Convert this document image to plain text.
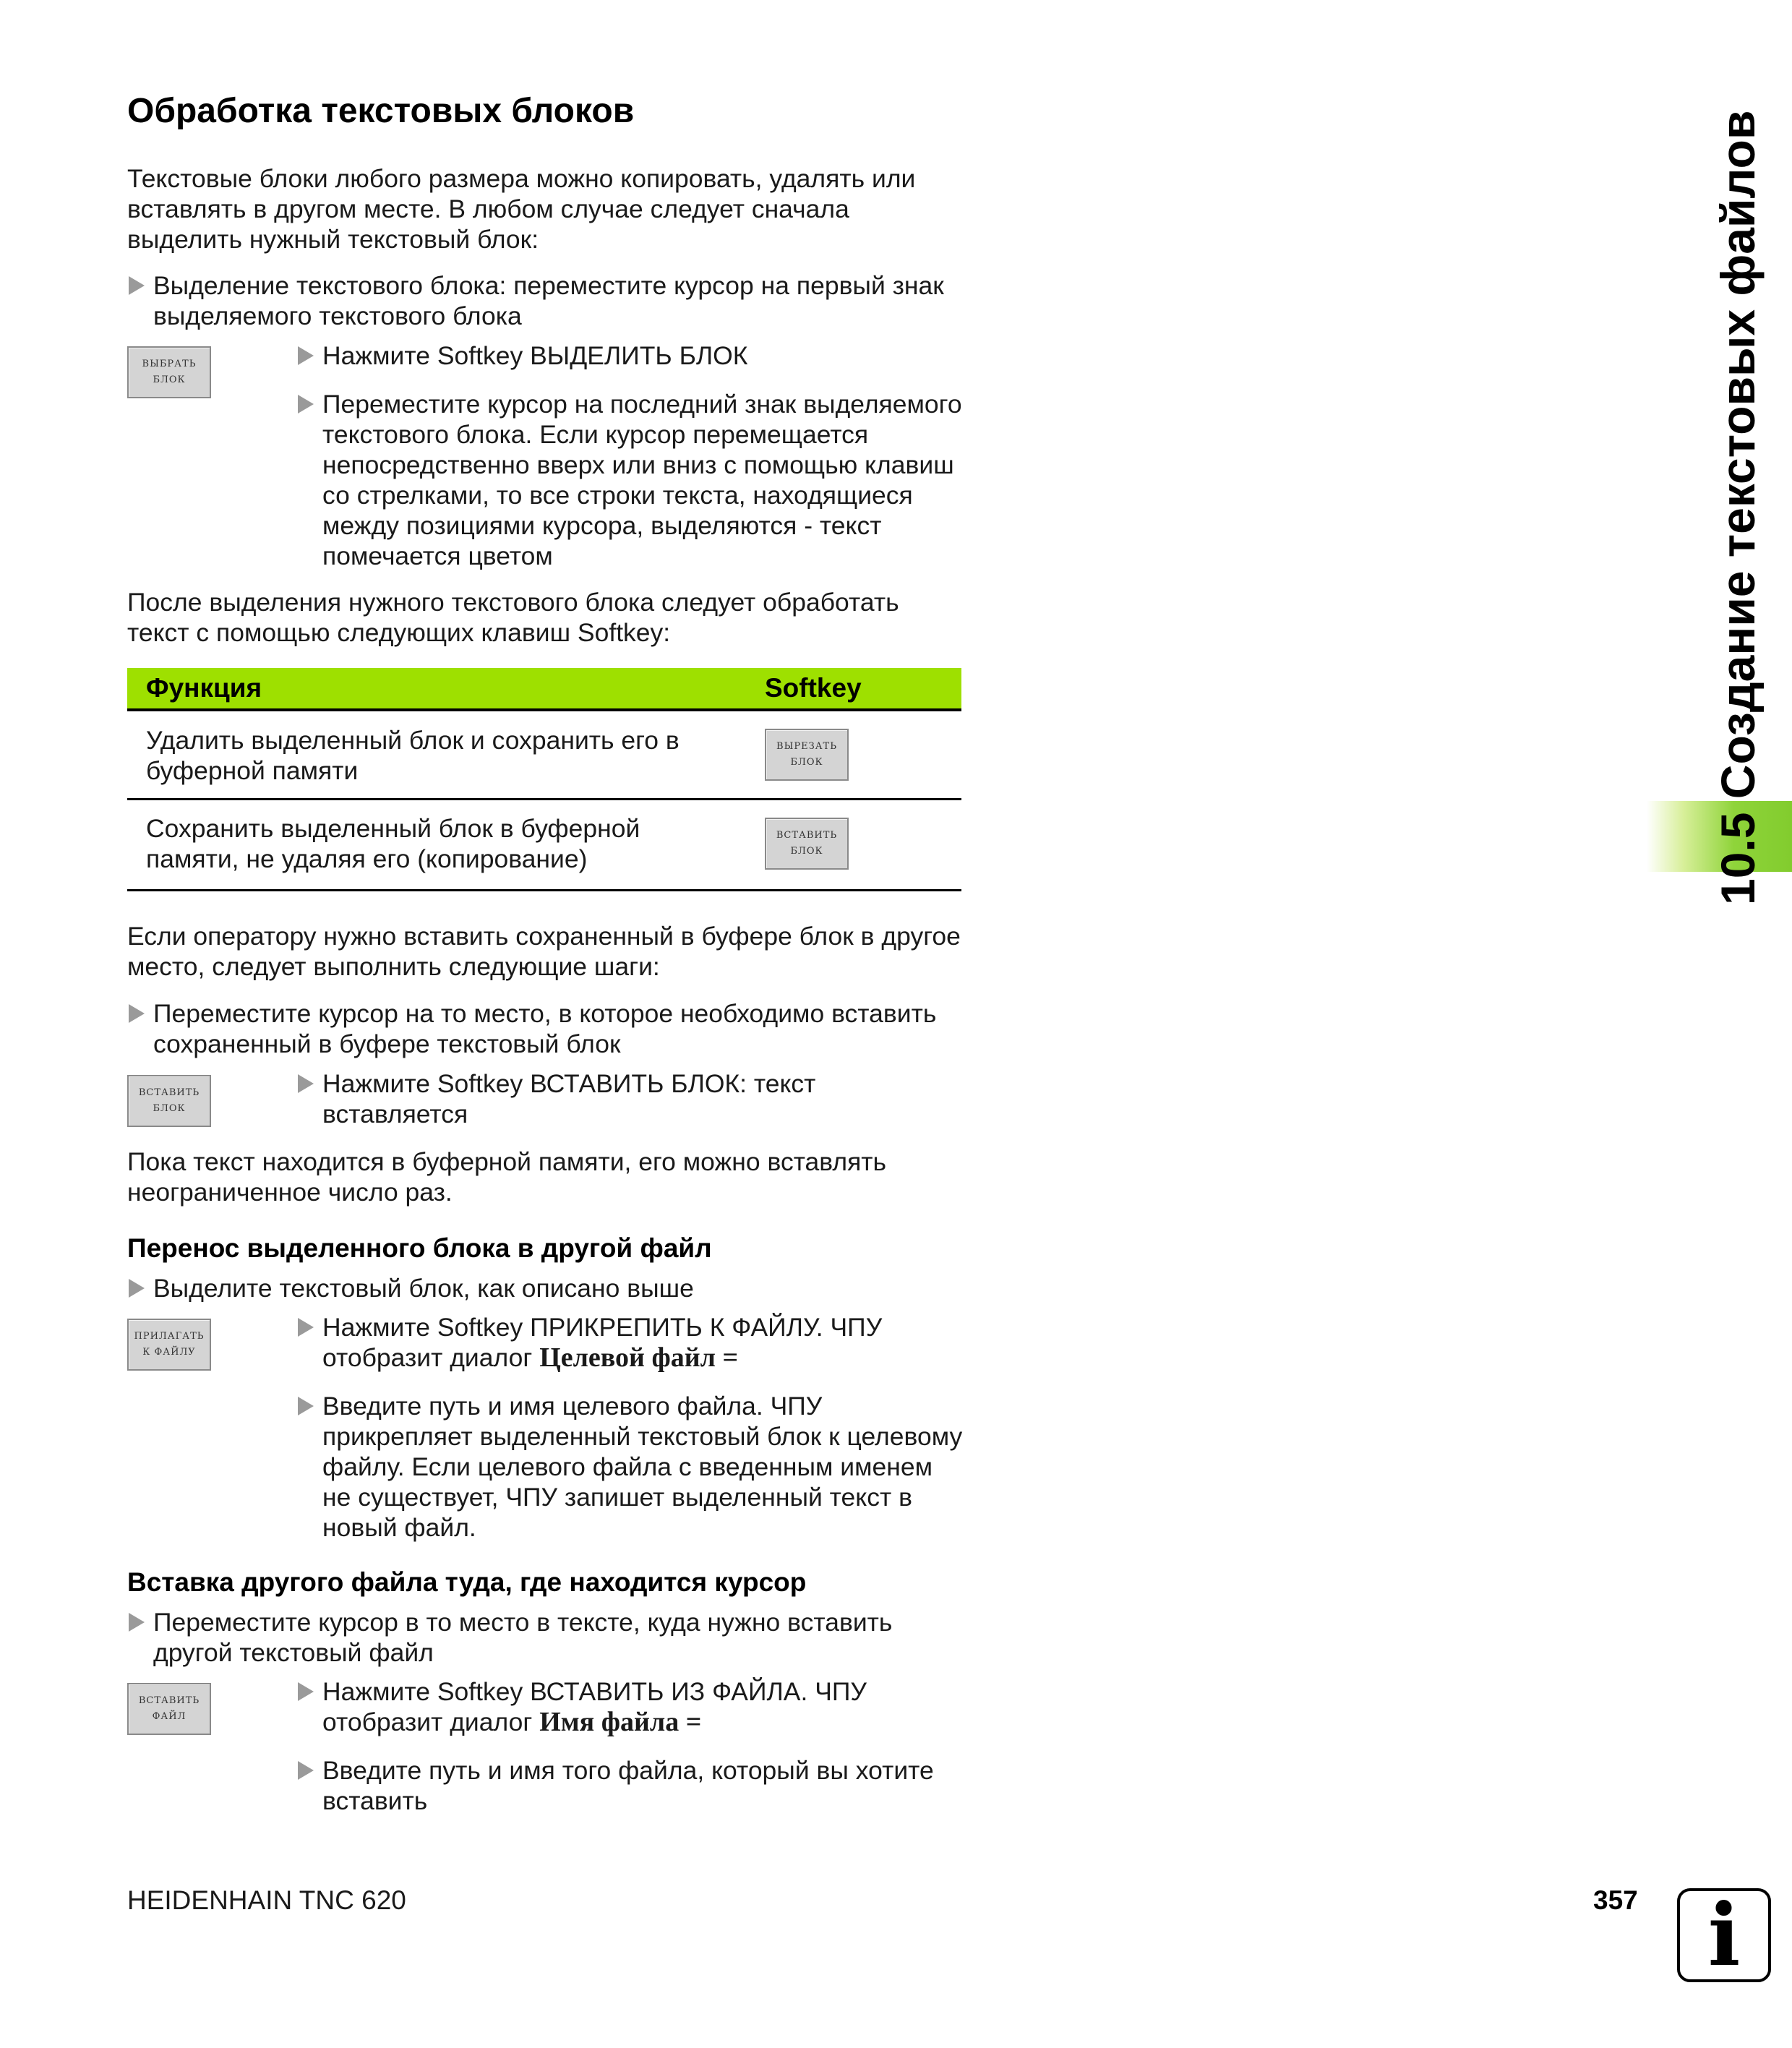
Обработка текстовых блоков

Текстовые блоки любого размера можно копировать, удалять или вставлять в другом месте. В любом случае следует сначала выделить нужный текстовый блок:

Выделение текстового блока: переместите курсор на первый знак выделяемого текстового блока
ВЫБРАТЬ
БЛОК
Нажмите Softkey ВЫДЕЛИТЬ БЛОК
Переместите курсор на последний знак выделяемого текстового блока. Если курсор перемещается непосредственно вверх или вниз с помощью клавиш со стрелками, то все строки текста, находящиеся между позициями курсора, выделяются - текст помечается цветом

После выделения нужного текстового блока следует обработать текст с помощью следующих клавиш Softkey:

Функция	Softkey
Удалить выделенный блок и сохранить его в буферной памяти
ВЫРЕЗАТЬ
БЛОК
Сохранить выделенный блок в буферной памяти, не удаляя его (копирование)
ВСТАВИТЬ
БЛОК

Если оператору нужно вставить сохраненный в буфере блок в другое место, следует выполнить следующие шаги:

Переместите курсор на то место, в которое необходимо вставить сохраненный в буфере текстовый блок
ВСТАВИТЬ
БЛОК
Нажмите Softkey ВСТАВИТЬ БЛОК: текст вставляется

Пока текст находится в буферной памяти, его можно вставлять неограниченное число раз.

Перенос выделенного блока в другой файл
Выделите текстовый блок, как описано выше
ПРИЛАГАТЬ
К ФАЙЛУ
Нажмите Softkey ПРИКРЕПИТЬ К ФАЙЛУ. ЧПУ отобразит диалог Целевой файл =
Введите путь и имя целевого файла. ЧПУ прикрепляет выделенный текстовый блок к целевому файлу. Если целевого файла с введенным именем не существует, ЧПУ запишет выделенный текст в новый файл.
Вставка другого файла туда, где находится курсор
Переместите курсор в то место в тексте, куда нужно вставить другой текстовый файл
ВСТАВИТЬ
ФАЙЛ
Нажмите Softkey ВСТАВИТЬ ИЗ ФАЙЛА. ЧПУ отобразит диалог Имя файла =
Введите путь и имя того файла, который вы хотите вставить
10.5 Создание текстовых файлов
HEIDENHAIN TNC 620	357 i
